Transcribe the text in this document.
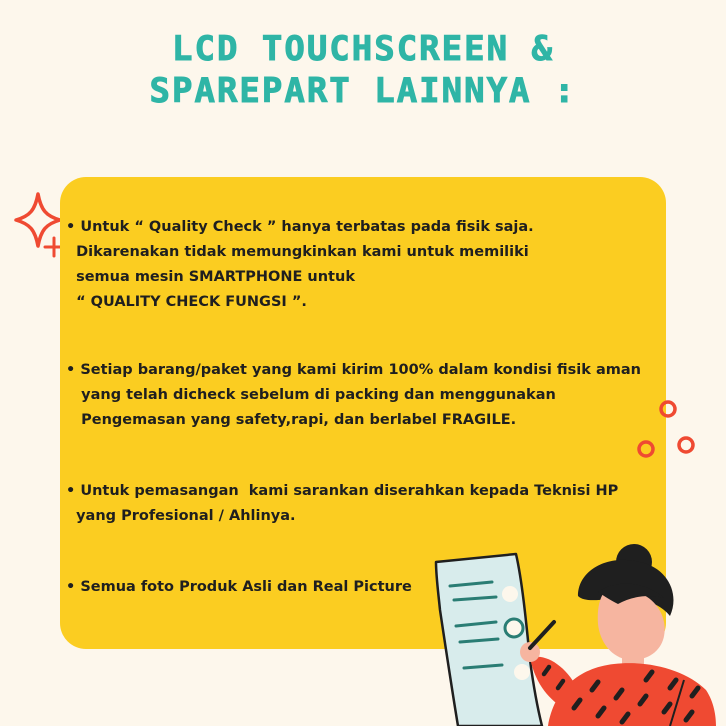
LCD TOUCHSCREEN &
SPAREPART LAINNYA :

• Untuk “ Quality Check ” hanya terbatas pada fisik saja.
Dikarenakan tidak memungkinkan kami untuk memiliki
semua mesin SMARTPHONE untuk
“ QUALITY CHECK FUNGSI ”.

• Setiap barang/paket yang kami kirim 100% dalam kondisi fisik aman
yang telah dicheck sebelum di packing dan menggunakan
Pengemasan yang safety,rapi, dan berlabel FRAGILE.

• Untuk pemasangan  kami sarankan diserahkan kepada Teknisi HP
yang Profesional / Ahlinya.

• Semua foto Produk Asli dan Real Picture
